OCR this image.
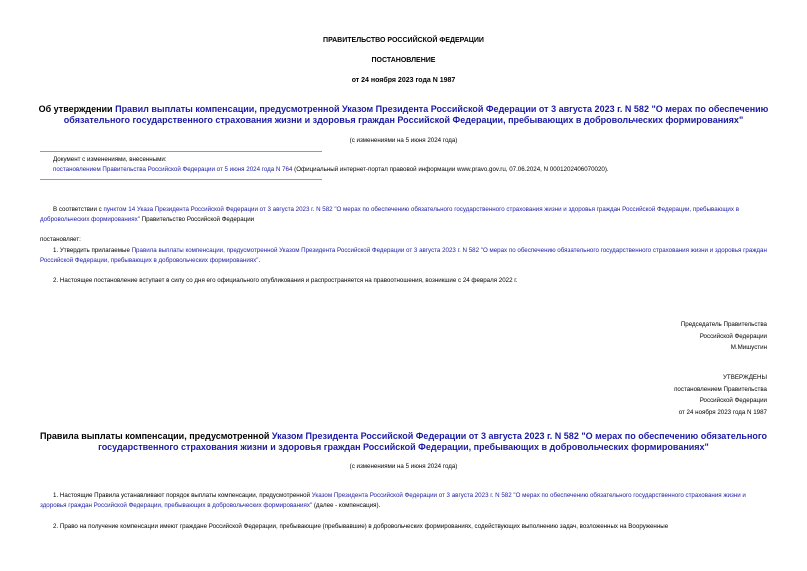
ПРАВИТЕЛЬСТВО РОССИЙСКОЙ ФЕДЕРАЦИИ
ПОСТАНОВЛЕНИЕ
от 24 ноября 2023 года N 1987
Об утверждении Правил выплаты компенсации, предусмотренной Указом Президента Российской Федерации от 3 августа 2023 г. N 582 "О мерах по обеспечению
обязательного государственного страхования жизни и здоровья граждан Российской Федерации, пребывающих в добровольческих формированиях"
(с изменениями на 5 июня 2024 года)
Документ с изменениями, внесенными:
постановлением Правительства Российской Федерации от 5 июня 2024 года N 764 (Официальный интернет-портал правовой информации www.pravo.gov.ru, 07.06.2024, N 0001202406070020).
В соответствии с пунктом 14 Указа Президента Российской Федерации от 3 августа 2023 г. N 582 "О мерах по обеспечению обязательного государственного страхования жизни и здоровья граждан Российской Федерации, пребывающих в добровольческих формированиях" Правительство Российской Федерации
постановляет:
1. Утвердить прилагаемые Правила выплаты компенсации, предусмотренной Указом Президента Российской Федерации от 3 августа 2023 г. N 582 "О мерах по обеспечению обязательного государственного страхования жизни и здоровья граждан Российской Федерации, пребывающих в добровольческих формированиях".
2. Настоящее постановление вступает в силу со дня его официального опубликования и распространяется на правоотношения, возникшие с 24 февраля 2022 г.
Председатель Правительства
Российской Федерации
М.Мишустин
УТВЕРЖДЕНЫ
постановлением Правительства
Российской Федерации
от 24 ноября 2023 года N 1987
Правила выплаты компенсации, предусмотренной Указом Президента Российской Федерации от 3 августа 2023 г. N 582 "О мерах по обеспечению обязательного
государственного страхования жизни и здоровья граждан Российской Федерации, пребывающих в добровольческих формированиях"
(с изменениями на 5 июня 2024 года)
1. Настоящие Правила устанавливают порядок выплаты компенсации, предусмотренной Указом Президента Российской Федерации от 3 августа 2023 г. N 582 "О мерах по обеспечению обязательного государственного страхования жизни и здоровья граждан Российской Федерации, пребывающих в добровольческих формированиях" (далее - компенсация).
2. Право на получение компенсации имеют граждане Российской Федерации, пребывающие (пребывавшие) в добровольческих формированиях, содействующих выполнению задач, возложенных на Вооруженные
